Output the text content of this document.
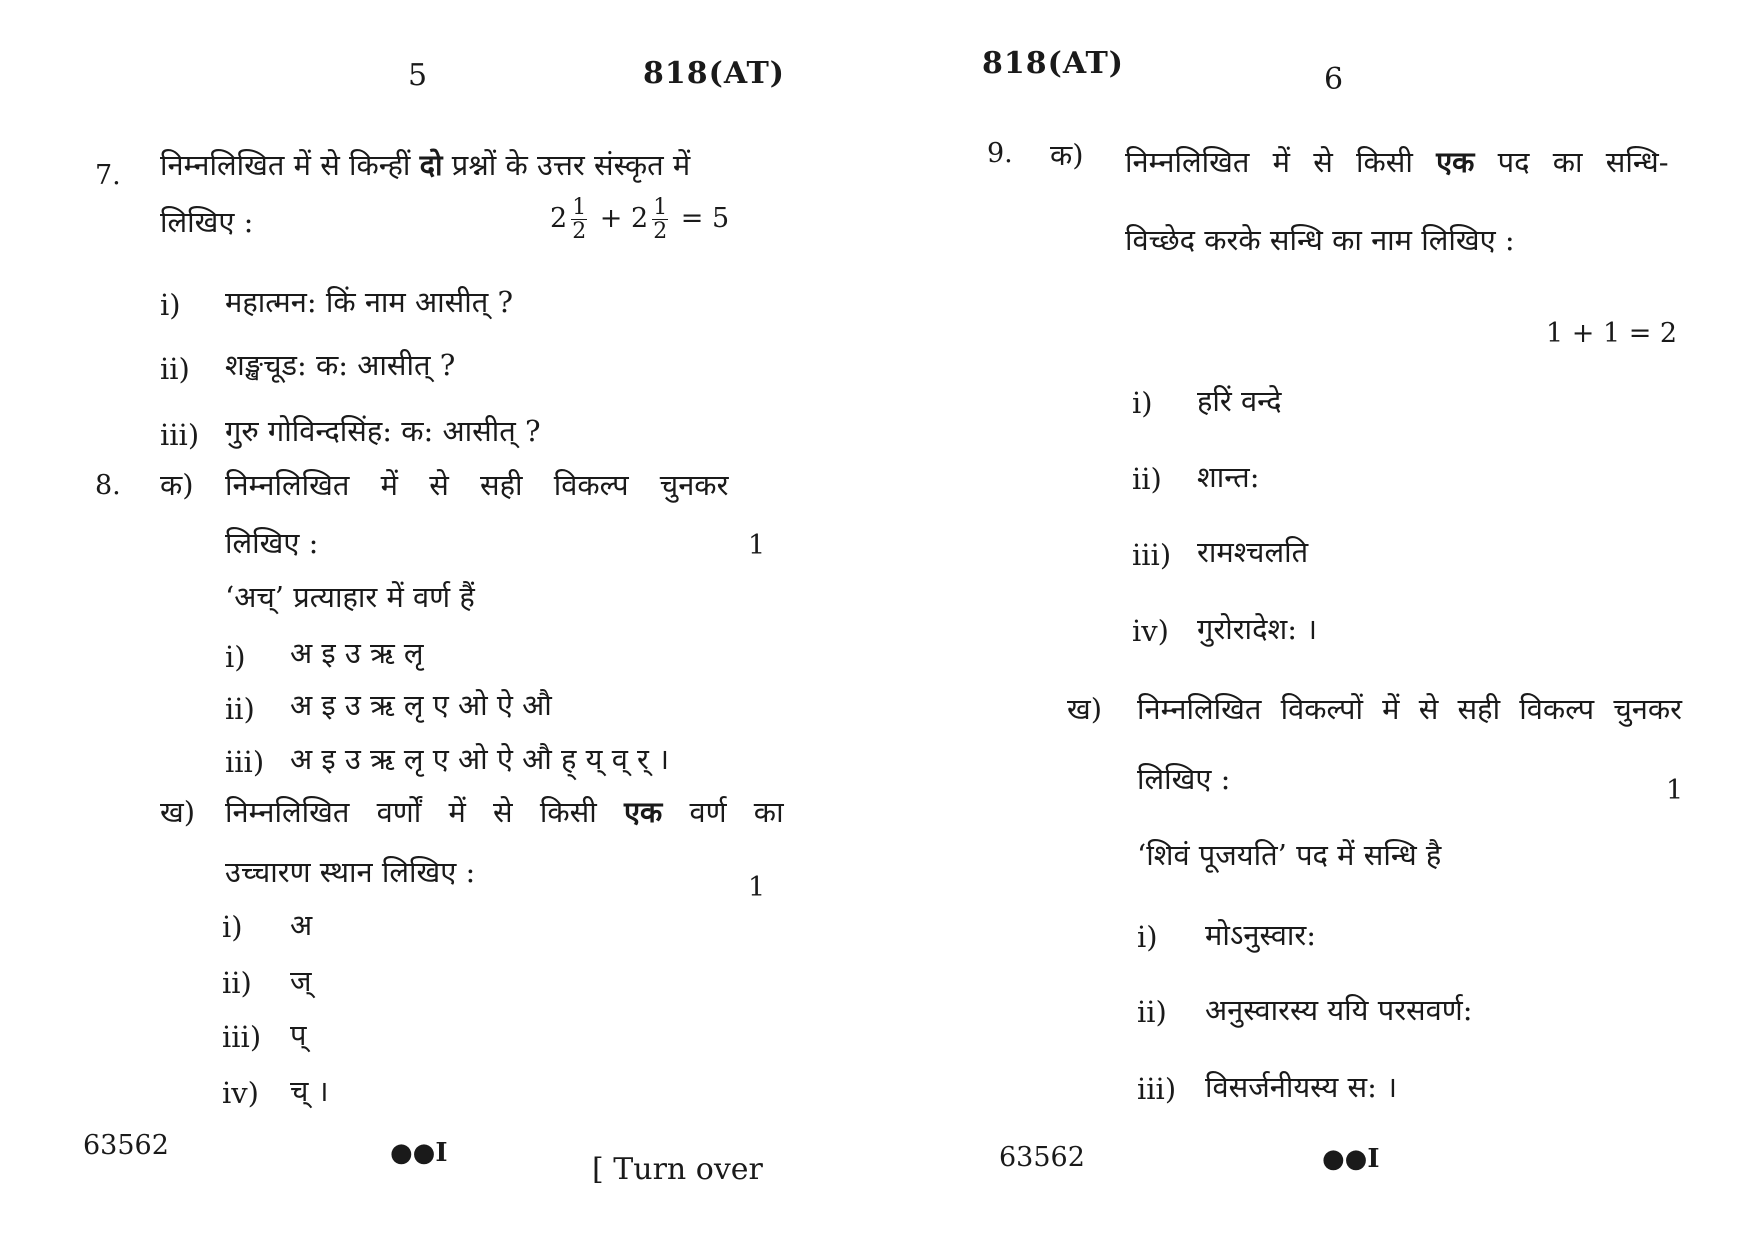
5	818(AT)
7. निम्नलिखित में से किन्हीं दो प्रश्नों के उत्तर संस्कृत में
लिखिए :	$2 \frac{1}{2} + 2 \frac{1}{2} = 5$
i) महात्मन: किं नाम आसीत् ?
ii) शङ्खचूड: क: आसीत् ?
iii) गुरु गोविन्दसिंह: क: आसीत् ?
8. क) निम्नलिखित में से सही विकल्प चुनकर
लिखिए :	1
‘अच्’ प्रत्याहार में वर्ण हैं
i) अ इ उ ऋ लृ
ii) अ इ उ ऋ लृ ए ओ ऐ औ
iii) अ इ उ ऋ लृ ए ओ ऐ औ ह् य् व् र् ।
ख) निम्नलिखित वर्णों में से किसी एक वर्ण का
उच्चारण स्थान लिखिए :	1
i) अ
ii) ज्
iii) प्
iv) च् ।
63562	●●I	[ Turn over
818(AT)	6
9. क) निम्नलिखित में से किसी एक पद का सन्धि-
विच्छेद करके सन्धि का नाम लिखिए :
1 + 1 = 2
i) हरिं वन्दे
ii) शान्त:
iii) रामश्चलति
iv) गुरोरादेश: ।
ख) निम्नलिखित विकल्पों में से सही विकल्प चुनकर
लिखिए :	1
‘शिवं पूजयति’ पद में सन्धि है
i) मोऽनुस्वार:
ii) अनुस्वारस्य ययि परसवर्ण:
iii) विसर्जनीयस्य स: ।
63562	●●I
